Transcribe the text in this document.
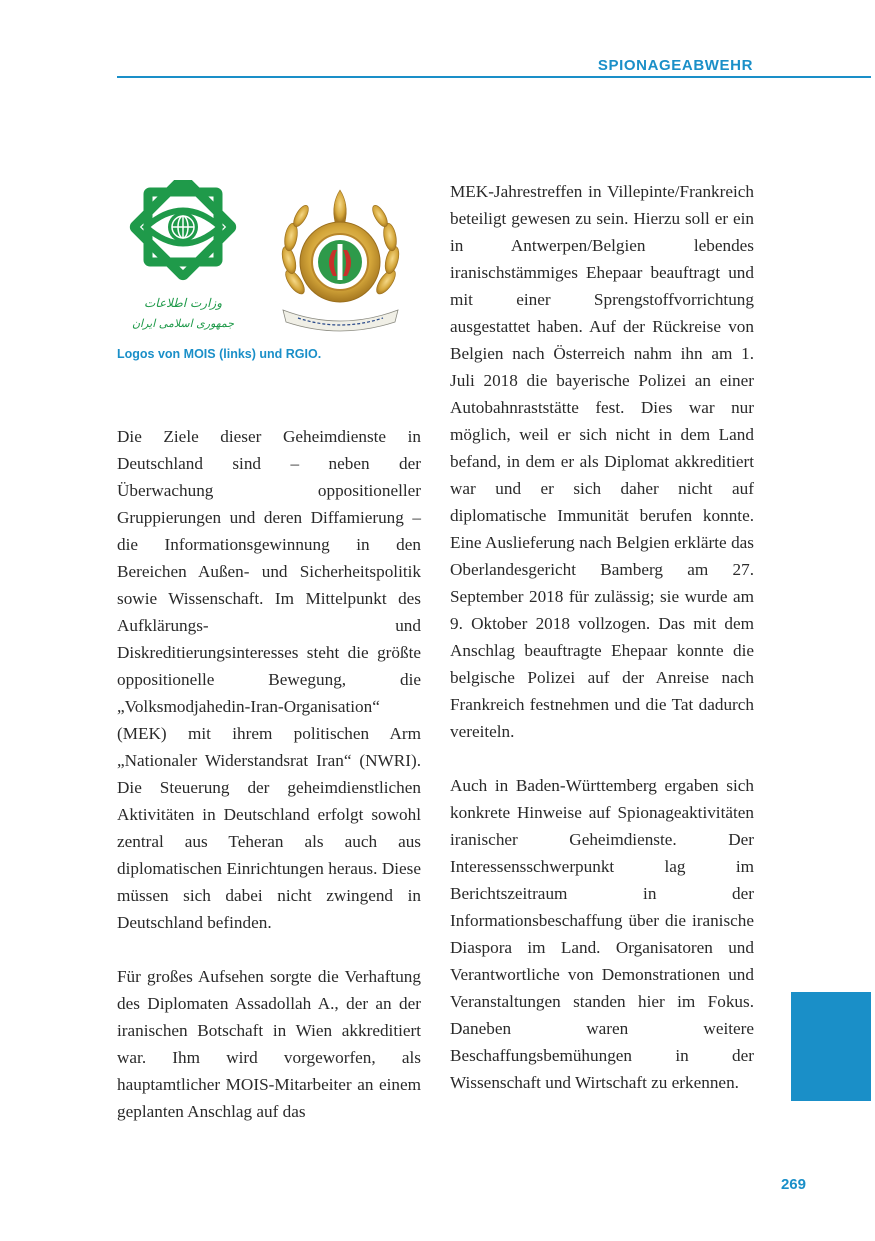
SPIONAGEABWEHR
وزارت اطلاعات
جمهوری اسلامی ایران
Logos von MOIS (links) und RGIO.

Die Ziele dieser Geheimdienste in Deutschland sind – neben der Überwachung oppositioneller Gruppierungen und deren Diffamierung – die Informationsgewinnung in den Bereichen Außen- und Sicherheitspolitik sowie Wissenschaft. Im Mittelpunkt des Aufklärungs- und Diskreditierungsinteresses steht die größte oppositionelle Bewegung, die „Volksmodjahedin-Iran-Organisation“ (MEK) mit ihrem politischen Arm „Nationaler Widerstandsrat Iran“ (NWRI). Die Steuerung der geheimdienstlichen Aktivitäten in Deutschland erfolgt sowohl zentral aus Teheran als auch aus diplomatischen Einrichtungen heraus. Diese müssen sich dabei nicht zwingend in Deutschland befinden.

Für großes Aufsehen sorgte die Verhaftung des Diplomaten Assadollah A., der an der iranischen Botschaft in Wien akkreditiert war. Ihm wird vorgeworfen, als hauptamtlicher MOIS-Mitarbeiter an einem geplanten Anschlag auf das

MEK-Jahrestreffen in Villepinte/Frankreich beteiligt gewesen zu sein. Hierzu soll er ein in Antwerpen/Belgien lebendes iranischstämmiges Ehepaar beauftragt und mit einer Sprengstoffvorrichtung ausgestattet haben. Auf der Rückreise von Belgien nach Österreich nahm ihn am 1. Juli 2018 die bayerische Polizei an einer Autobahnraststätte fest. Dies war nur möglich, weil er sich nicht in dem Land befand, in dem er als Diplomat akkreditiert war und er sich daher nicht auf diplomatische Immunität berufen konnte. Eine Auslieferung nach Belgien erklärte das Oberlandesgericht Bamberg am 27. September 2018 für zulässig; sie wurde am 9. Oktober 2018 vollzogen. Das mit dem Anschlag beauftragte Ehepaar konnte die belgische Polizei auf der Anreise nach Frankreich festnehmen und die Tat dadurch vereiteln.

Auch in Baden-Württemberg ergaben sich konkrete Hinweise auf Spionageaktivitäten iranischer Geheimdienste. Der Interessensschwerpunkt lag im Berichtszeitraum in der Informationsbeschaffung über die iranische Diaspora im Land. Organisatoren und Verantwortliche von Demonstrationen und Veranstaltungen standen hier im Fokus. Daneben waren weitere Beschaffungsbemühungen in der Wissenschaft und Wirtschaft zu erkennen.

269
